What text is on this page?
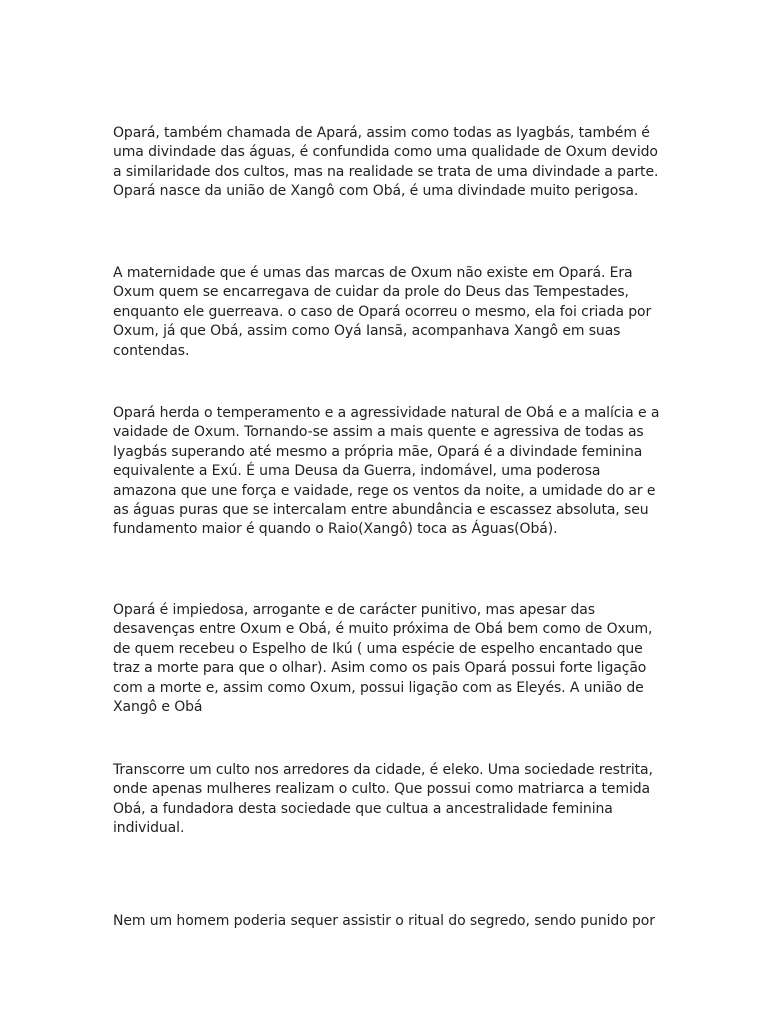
Opará, também chamada de Apará, assim como todas as Iyagbás, também é uma divindade das águas, é confundida como uma qualidade de Oxum devido a similaridade dos cultos, mas na realidade se trata de uma divindade a parte. Opará nasce da união de Xangô com Obá, é uma divindade muito perigosa.

A maternidade que é umas das marcas de Oxum não existe em Opará. Era Oxum quem se encarregava de cuidar da prole do Deus das Tempestades, enquanto ele guerreava. o caso de Opará ocorreu o mesmo, ela foi criada por Oxum, já que Obá, assim como Oyá Iansã, acompanhava Xangô em suas contendas.

Opará herda o temperamento e a agressividade natural de Obá e a malícia e a vaidade de Oxum. Tornando-se assim a mais quente e agressiva de todas as Iyagbás superando até mesmo a própria mãe, Opará é a divindade feminina equivalente a Exú. É uma Deusa da Guerra, indomável, uma poderosa amazona que une força e vaidade, rege os ventos da noite, a umidade do ar e as águas puras que se intercalam entre abundância e escassez absoluta, seu fundamento maior é quando o Raio(Xangô) toca as Águas(Obá).

Opará é impiedosa, arrogante e de carácter punitivo, mas apesar das desavenças entre Oxum e Obá, é muito próxima de Obá bem como de Oxum, de quem recebeu o Espelho de Ikú ( uma espécie de espelho encantado que traz a morte para que o olhar). Asim como os pais Opará possui forte ligação com a morte e, assim como Oxum, possui ligação com as Eleyés. A união de Xangô e Obá

Transcorre um culto nos arredores da cidade, é eleko. Uma sociedade restrita, onde apenas mulheres realizam o culto. Que possui como matriarca a temida Obá, a fundadora desta sociedade que cultua a ancestralidade feminina individual.

Nem um homem poderia sequer assistir o ritual do segredo, sendo punido por
